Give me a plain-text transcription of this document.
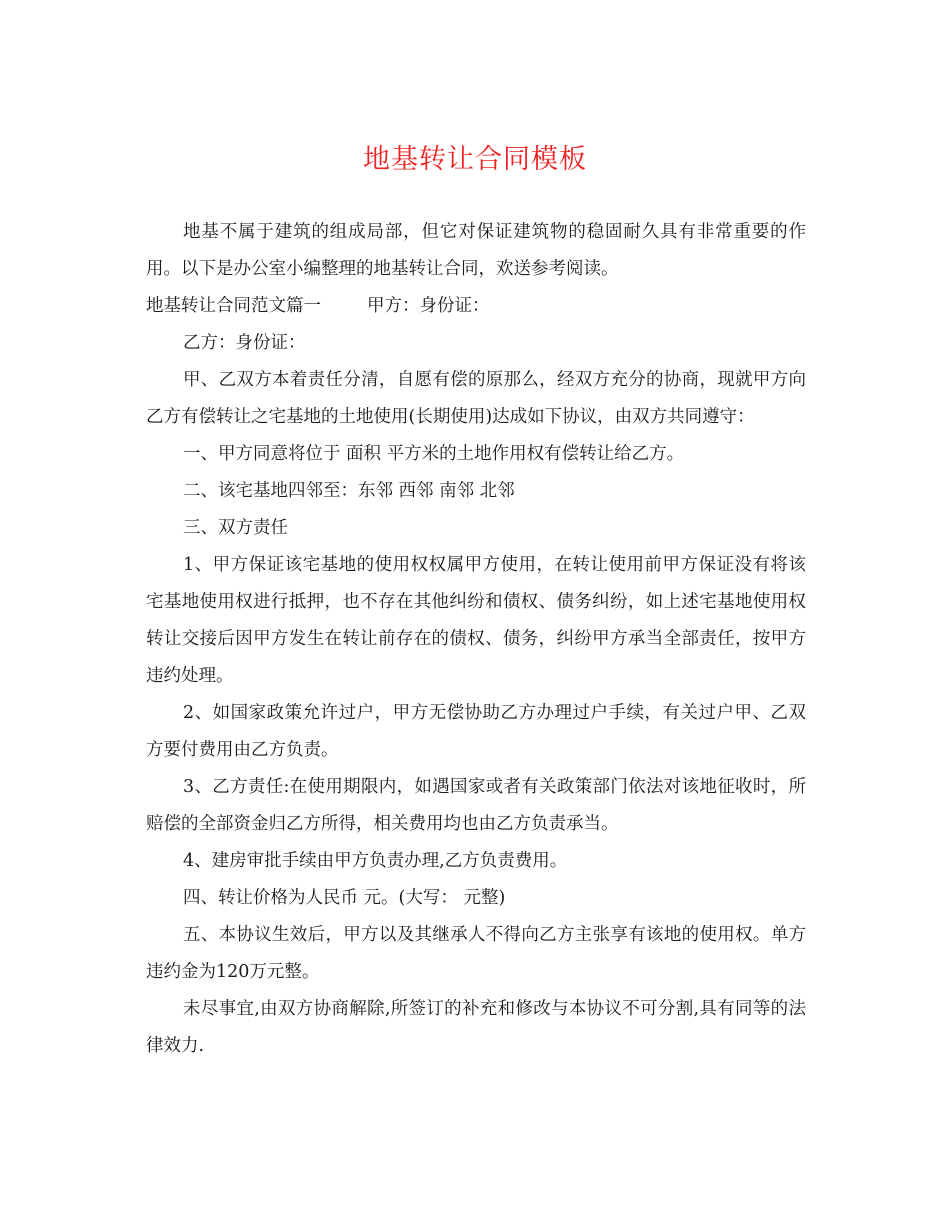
地基转让合同模板

地基不属于建筑的组成局部，但它对保证建筑物的稳固耐久具有非常重要的作用。以下是办公室小编整理的地基转让合同，欢送参考阅读。

地基转让合同范文篇一	甲方：身份证：

乙方：身份证：

甲、乙双方本着责任分清，自愿有偿的原那么，经双方充分的协商，现就甲方向乙方有偿转让之宅基地的土地使用(长期使用)达成如下协议，由双方共同遵守：

一、甲方同意将位于 面积 平方米的土地作用权有偿转让给乙方。

二、该宅基地四邻至：东邻 西邻 南邻 北邻

三、双方责任

1、甲方保证该宅基地的使用权权属甲方使用，在转让使用前甲方保证没有将该宅基地使用权进行抵押，也不存在其他纠纷和债权、债务纠纷，如上述宅基地使用权转让交接后因甲方发生在转让前存在的债权、债务，纠纷甲方承当全部责任，按甲方违约处理。

2、如国家政策允许过户，甲方无偿协助乙方办理过户手续，有关过户甲、乙双方要付费用由乙方负责。

3、乙方责任:在使用期限内，如遇国家或者有关政策部门依法对该地征收时，所赔偿的全部资金归乙方所得，相关费用均也由乙方负责承当。

4、建房审批手续由甲方负责办理,乙方负责费用。

四、转让价格为人民币 元。(大写： 元整)

五、本协议生效后，甲方以及其继承人不得向乙方主张享有该地的使用权。单方违约金为120万元整。

未尽事宜,由双方协商解除,所签订的补充和修改与本协议不可分割,具有同等的法律效力.
